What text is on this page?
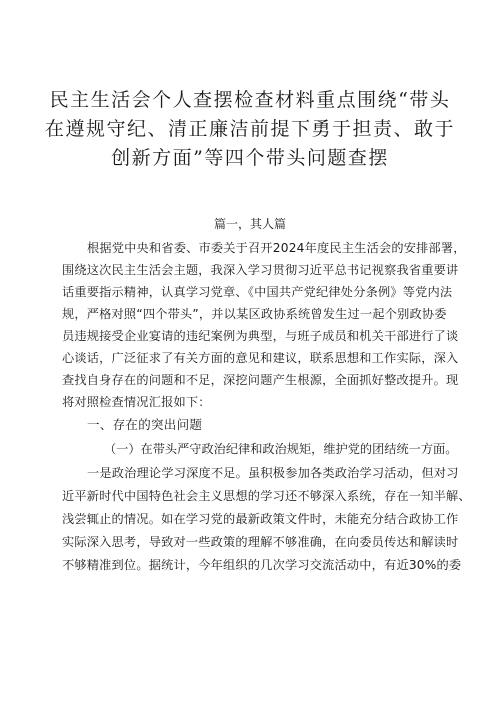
民主生活会个人查摆检查材料重点围绕“带头
在遵规守纪、清正廉洁前提下勇于担责、敢于
创新方面”等四个带头问题查摆
篇一，其人篇
根据党中央和省委、市委关于召开2024年度民主生活会的安排部署，
围绕这次民主生活会主题，我深入学习贯彻习近平总书记视察我省重要讲
话重要指示精神，认真学习党章、《中国共产党纪律处分条例》等党内法
规，严格对照“四个带头”，并以某区政协系统曾发生过一起个别政协委
员违规接受企业宴请的违纪案例为典型，与班子成员和机关干部进行了谈
心谈话，广泛征求了有关方面的意见和建议，联系思想和工作实际，深入
查找自身存在的问题和不足，深挖问题产生根源，全面抓好整改提升。现
将对照检查情况汇报如下：
一、存在的突出问题
（一）在带头严守政治纪律和政治规矩，维护党的团结统一方面。
一是政治理论学习深度不足。虽积极参加各类政治学习活动，但对习
近平新时代中国特色社会主义思想的学习还不够深入系统，存在一知半解、
浅尝辄止的情况。如在学习党的最新政策文件时，未能充分结合政协工作
实际深入思考，导致对一些政策的理解不够准确，在向委员传达和解读时
不够精准到位。据统计，今年组织的几次学习交流活动中，有近30%的委
